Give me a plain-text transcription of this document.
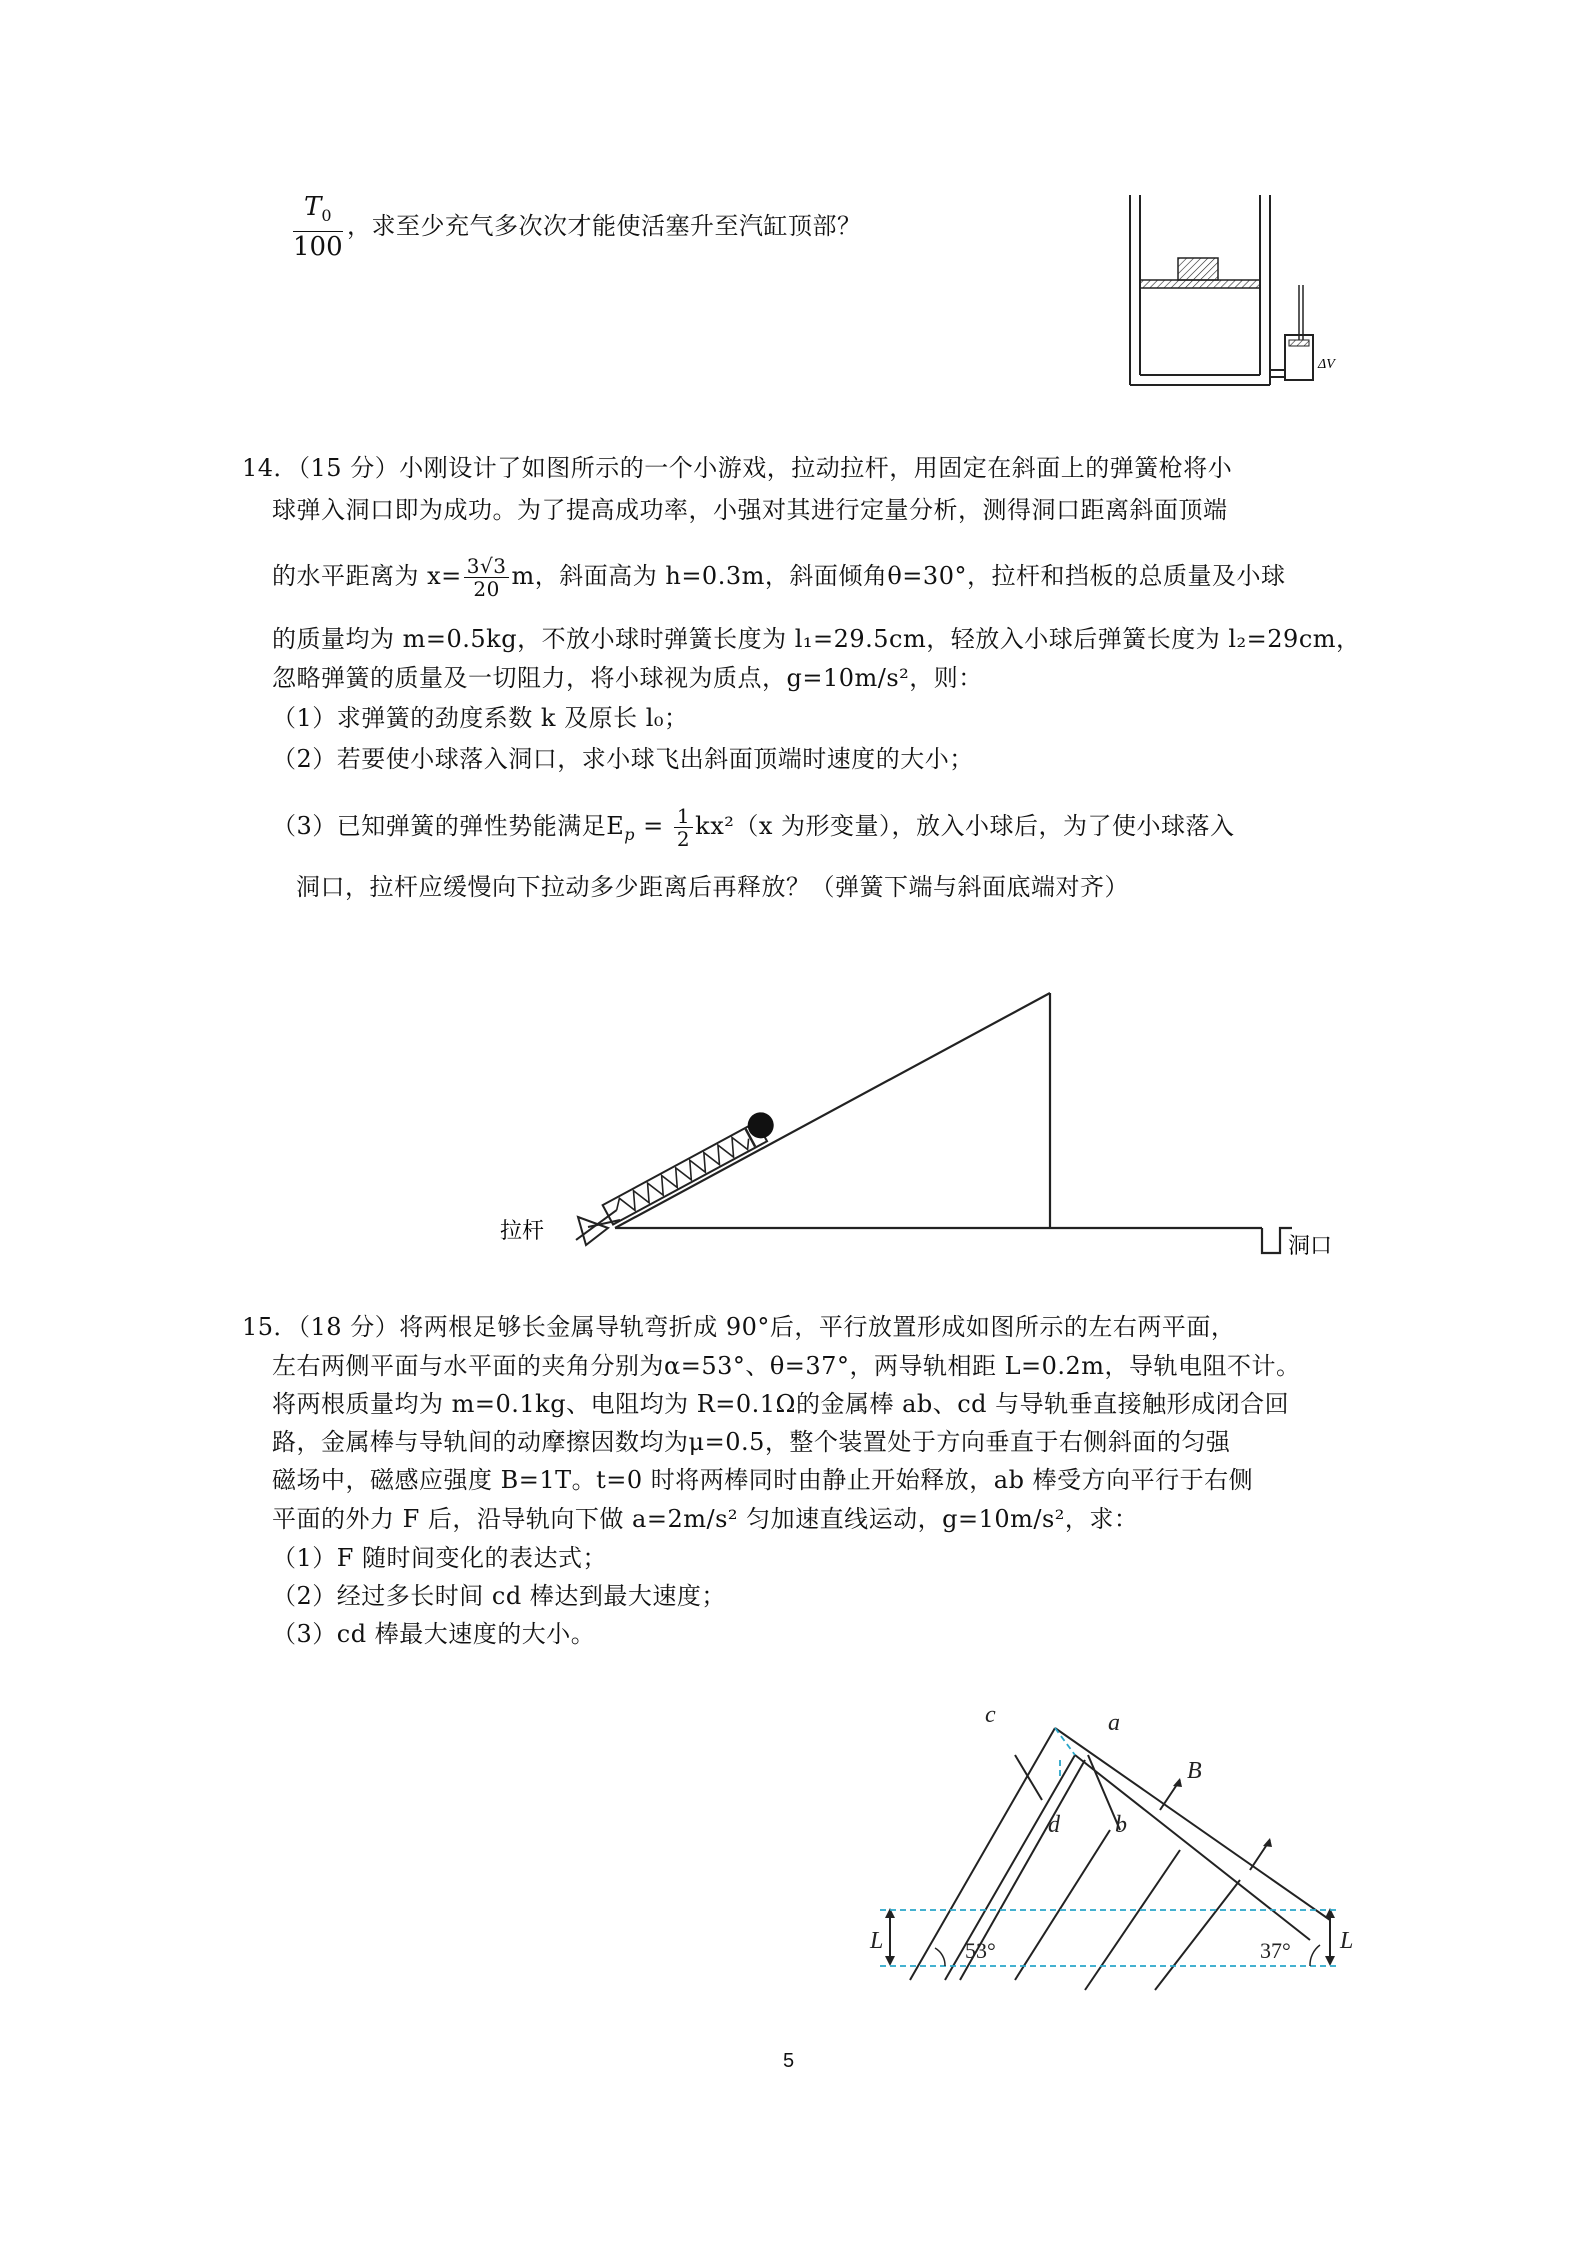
$T_0$
100
，求至少充气多次次才能使活塞升至汽缸顶部？
ΔV
14．（15 分）小刚设计了如图所示的一个小游戏，拉动拉杆，用固定在斜面上的弹簧枪将小
球弹入洞口即为成功。为了提高成功率，小强对其进行定量分析，测得洞口距离斜面顶端
的水平距离为 $x= \frac{3√3}{20}$ m，斜面高为 h=0.3m，斜面倾角θ=30°，拉杆和挡板的总质量及小球
的质量均为 m=0.5kg，不放小球时弹簧长度为 l₁=29.5cm，轻放入小球后弹簧长度为 l₂=29cm，
忽略弹簧的质量及一切阻力，将小球视为质点，g=10m/s²，则：
（1）求弹簧的劲度系数 k 及原长 l₀；
（2）若要使小球落入洞口，求小球飞出斜面顶端时速度的大小；
（3）已知弹簧的弹性势能满足$E_p = \frac{1}{2} kx^2(x$ 为形变量），放入小球后，为了使小球落入
洞口，拉杆应缓慢向下拉动多少距离后再释放？（弹簧下端与斜面底端对齐）
拉杆
洞口
15．（18 分）将两根足够长金属导轨弯折成 90°后，平行放置形成如图所示的左右两平面，
左右两侧平面与水平面的夹角分别为α=53°、θ=37°，两导轨相距 L=0.2m，导轨电阻不计。
将两根质量均为 m=0.1kg、电阻均为 R=0.1Ω的金属棒 ab、cd 与导轨垂直接触形成闭合回
路，金属棒与导轨间的动摩擦因数均为μ=0.5，整个装置处于方向垂直于右侧斜面的匀强
磁场中，磁感应强度 B=1T。t=0 时将两棒同时由静止开始释放，ab 棒受方向平行于右侧
平面的外力 F 后，沿导轨向下做 a=2m/s² 匀加速直线运动，g=10m/s²，求：
（1）F 随时间变化的表达式；
（2）经过多长时间 cd 棒达到最大速度；
（3）cd 棒最大速度的大小。
c	a
B
d b
L	L
53°	37°
5
